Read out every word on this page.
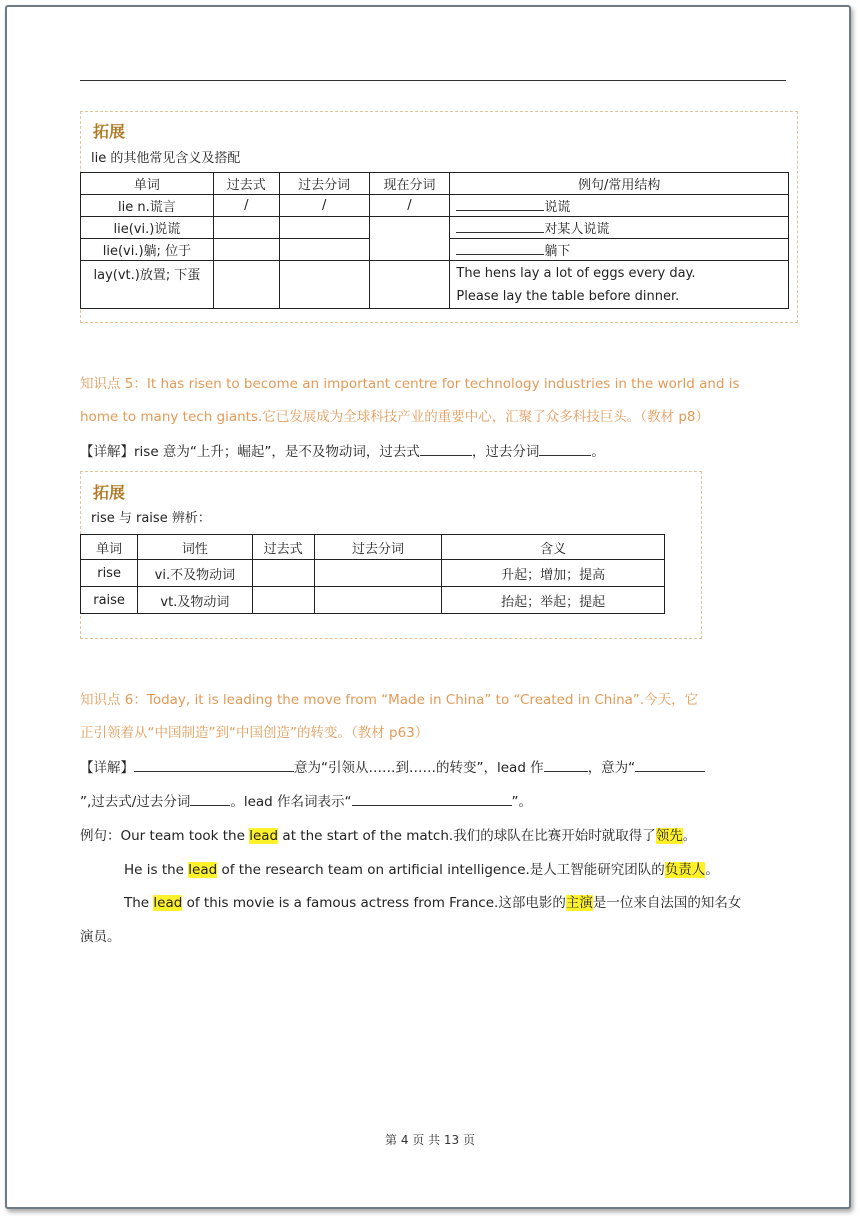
拓展
lie 的其他常见含义及搭配
单词	过去式	过去分词	现在分词	例句/常用结构
lie n.谎言	/	/	/	说谎
lie(vi.)说谎				对某人说谎
lie(vi.)躺; 位于				躺下
lay(vt.)放置; 下蛋				The hens lay a lot of eggs every day.
Please lay the table before dinner.
知识点 5：It has risen to become an important centre for technology industries in the world and is
home to many tech giants.它已发展成为全球科技产业的重要中心，汇聚了众多科技巨头。（教材 p8）
【详解】rise 意为“上升；崛起”，是不及物动词，过去式	，过去分词	。
拓展
rise 与 raise 辨析：
单词	词性	过去式	过去分词	含义
rise	vi.不及物动词			升起；增加；提高
raise	vt.及物动词			抬起；举起；提起
知识点 6：Today, it is leading the move from “Made in China” to “Created in China”.今天，它
正引领着从“中国制造”到“中国创造”的转变。（教材 p63）
【详解】	意为“引领从……到……的转变”，lead 作	，意为“
”,过去式/过去分词	。lead 作名词表示“	”。
例句：Our team took the lead at the start of the match.我们的球队在比赛开始时就取得了领先。
He is the lead of the research team on artificial intelligence.是人工智能研究团队的负责人。
The lead of this movie is a famous actress from France.这部电影的主演是一位来自法国的知名女
演员。
第 4 页 共 13 页
